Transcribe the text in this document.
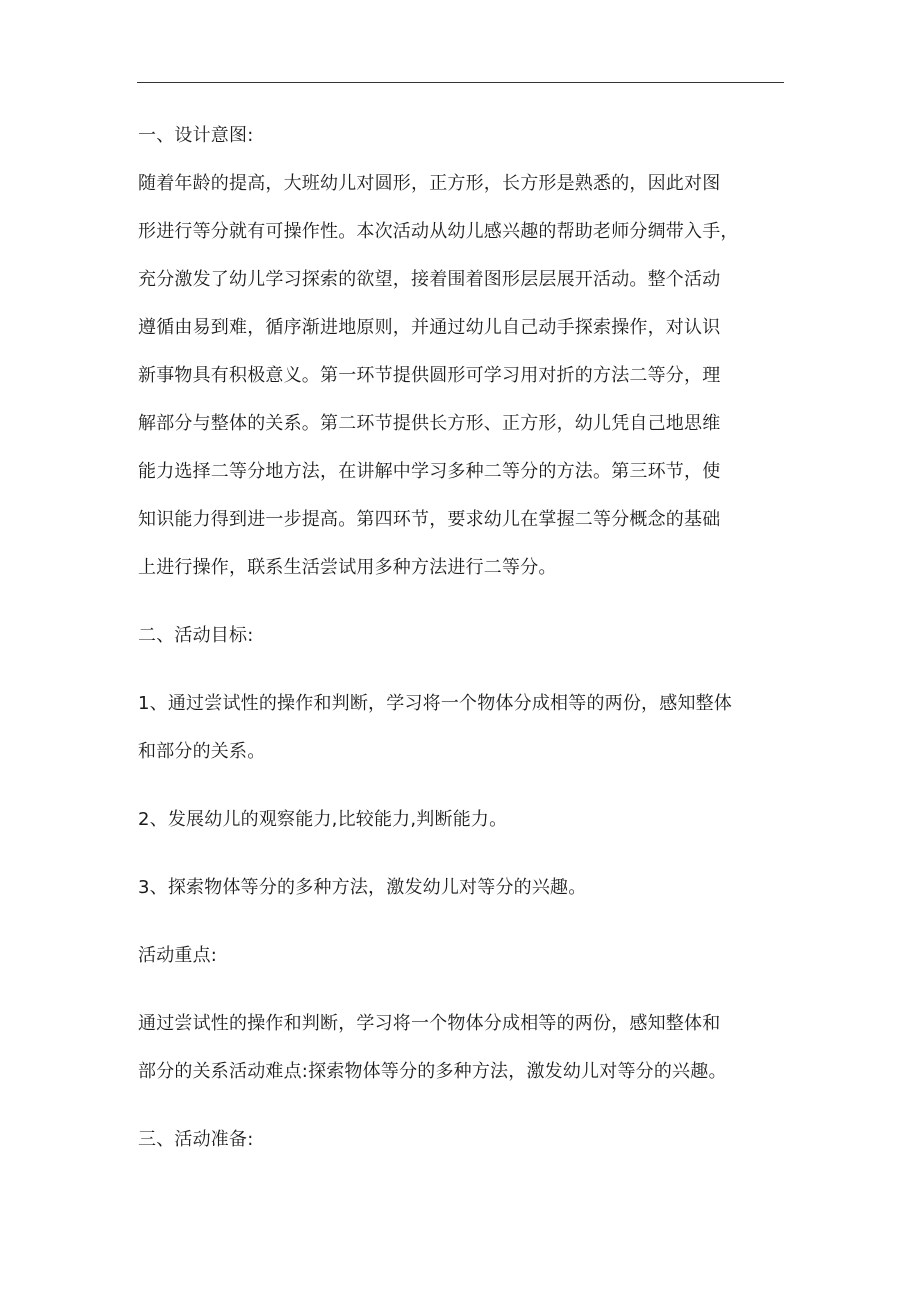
一、设计意图:

随着年龄的提高，大班幼儿对圆形，正方形，长方形是熟悉的，因此对图

形进行等分就有可操作性。本次活动从幼儿感兴趣的帮助老师分绸带入手，

充分激发了幼儿学习探索的欲望，接着围着图形层层展开活动。整个活动

遵循由易到难，循序渐进地原则，并通过幼儿自己动手探索操作，对认识

新事物具有积极意义。第一环节提供圆形可学习用对折的方法二等分，理

解部分与整体的关系。第二环节提供长方形、正方形，幼儿凭自己地思维

能力选择二等分地方法，在讲解中学习多种二等分的方法。第三环节，使

知识能力得到进一步提高。第四环节，要求幼儿在掌握二等分概念的基础

上进行操作，联系生活尝试用多种方法进行二等分。

二、活动目标:

1、通过尝试性的操作和判断，学习将一个物体分成相等的两份，感知整体

和部分的关系。

2、发展幼儿的观察能力,比较能力,判断能力。

3、探索物体等分的多种方法，激发幼儿对等分的兴趣。

活动重点:

通过尝试性的操作和判断，学习将一个物体分成相等的两份，感知整体和

部分的关系活动难点:探索物体等分的多种方法，激发幼儿对等分的兴趣。

三、活动准备:
